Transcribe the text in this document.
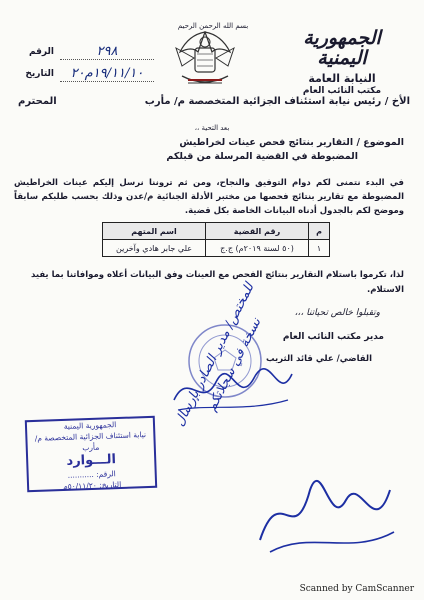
الجمهورية اليمنية
النيابة العامة
مكتب النائب العام
بسم الله الرحمن الرحيم
الرقم	٢٩٨
التاريخ	١٩/١١/١٠م٢٠
الأخ / رئيس نيابة استئناف الجزائية المتخصصة م/ مأرب
المحترم
بعد التحية ،،
الموضوع / التقارير بنتائج فحص عينات لخراطيش
المضبوطة في القضية المرسلة من قبلكم
في البدء نتمنى لكم دوام التوفيق والنجاح، ومن ثم تروننا نرسل إليكم عينات الخراطيش المضبوطة مع تقارير بنتائج فحصها من مختبر الأدلة الجنائية م/عدن وذلك بحسب طلبكم سابقاً وموضح لكم بالجدول أدناه البيانات الخاصة بكل قضية.
م	رقم القضية	اسم المتهم
١	(٥٠ لسنة ٢٠١٩م) ج.ج	علي جابر هادي وآخرين
لذا، تكرموا باستلام التقارير بنتائج الفحص مع العينات وفق البيانات أعلاه وموافاتنا بما يفيد الاستلام.
وتقبلوا خالص تحياتنا ،،،
مدير مكتب النائب العام
القاضي/ علي قائد الثريب
للمختص/ مدير الصادر بإرسال نسخة في سجلاتكم
الجمهورية اليمنية
نيابة استئناف الجزائية المتخصصة م/مأرب
الـــوارد
الرقم: ...........
التاريخ: ٥٠/١١/٢٠م
Scanned by CamScanner
